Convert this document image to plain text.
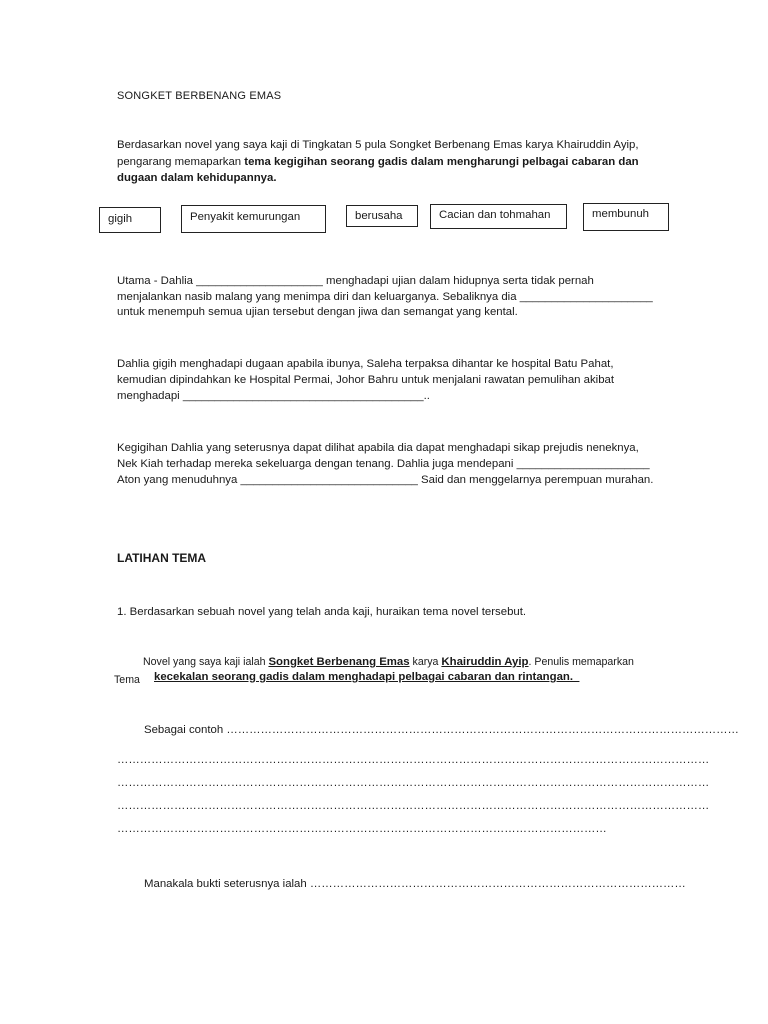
SONGKET BERBENANG EMAS
Berdasarkan novel yang saya kaji di Tingkatan 5 pula Songket Berbenang Emas karya Khairuddin Ayip,
pengarang memaparkan tema kegigihan seorang gadis dalam mengharungi pelbagai cabaran dan
dugaan dalam kehidupannya.
gigih	Penyakit kemurungan	berusaha	Cacian dan tohmahan	membunuh
Utama - Dahlia ____________________ menghadapi ujian dalam hidupnya serta tidak pernah
menjalankan nasib malang yang menimpa diri dan keluarganya. Sebaliknya dia _____________________
untuk menempuh semua ujian tersebut dengan jiwa dan semangat yang kental.
Dahlia gigih menghadapi dugaan apabila ibunya, Saleha terpaksa dihantar ke hospital Batu Pahat,
kemudian dipindahkan ke Hospital Permai, Johor Bahru untuk menjalani rawatan pemulihan akibat
menghadapi ______________________________________..
Kegigihan Dahlia yang seterusnya dapat dilihat apabila dia dapat menghadapi sikap prejudis neneknya,
Nek Kiah terhadap mereka sekeluarga dengan tenang. Dahlia juga mendepani _____________________
Aton yang menuduhnya ____________________________ Said dan menggelarnya perempuan murahan.
LATIHAN TEMA
1. Berdasarkan sebuah novel yang telah anda kaji, huraikan tema novel tersebut.
Novel yang saya kaji ialah Songket Berbenang Emas karya Khairuddin Ayip. Penulis memaparkan
Tema kecekalan seorang gadis dalam menghadapi pelbagai cabaran dan rintangan._
Sebagai contoh ………………………………………………………………………………………………………………………
…………………………………………………………………………………………………………………………………………
…………………………………………………………………………………………………………………………………………
…………………………………………………………………………………………………………………………………………
…………………………………………………………………………………………………………………
Manakala bukti seterusnya ialah ………………………………………………………………………………………
